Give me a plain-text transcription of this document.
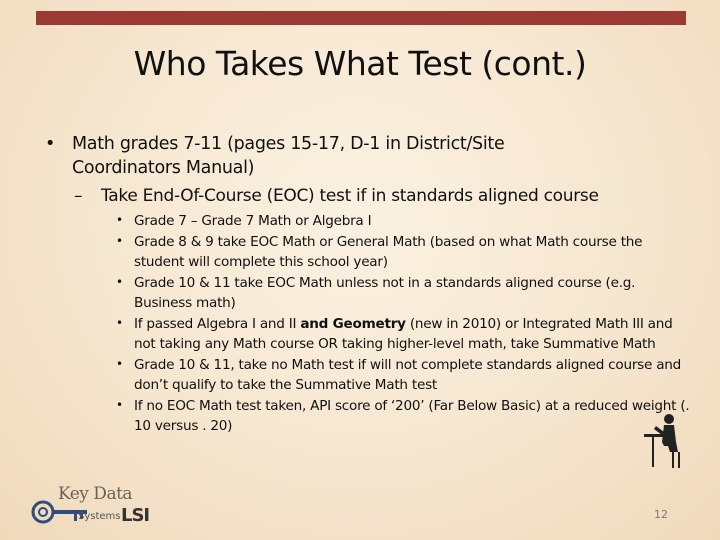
Who Takes What Test (cont.)
• Math grades 7-11 (pages 15-17, D-1 in District/Site Coordinators Manual)
–	Take End-Of-Course (EOC) test if in standards aligned course
• Grade 7 – Grade 7 Math or Algebra I
• Grade 8 & 9 take EOC Math or General Math (based on what Math course the student will complete this school year)
• Grade 10 & 11 take EOC Math unless not in a standards aligned course (e.g. Business math)
• If passed Algebra I and II and Geometry (new in 2010) or Integrated Math III and not taking any Math course OR taking higher-level math, take Summative Math
• Grade 10 & 11, take no Math test if will not complete standards aligned course and don’t qualify to take the Summative Math test
• If no EOC Math test taken, API score of ‘200’ (Far Below Basic) at a reduced weight (. 10 versus . 20)
Key Data
Systems LSI	12
